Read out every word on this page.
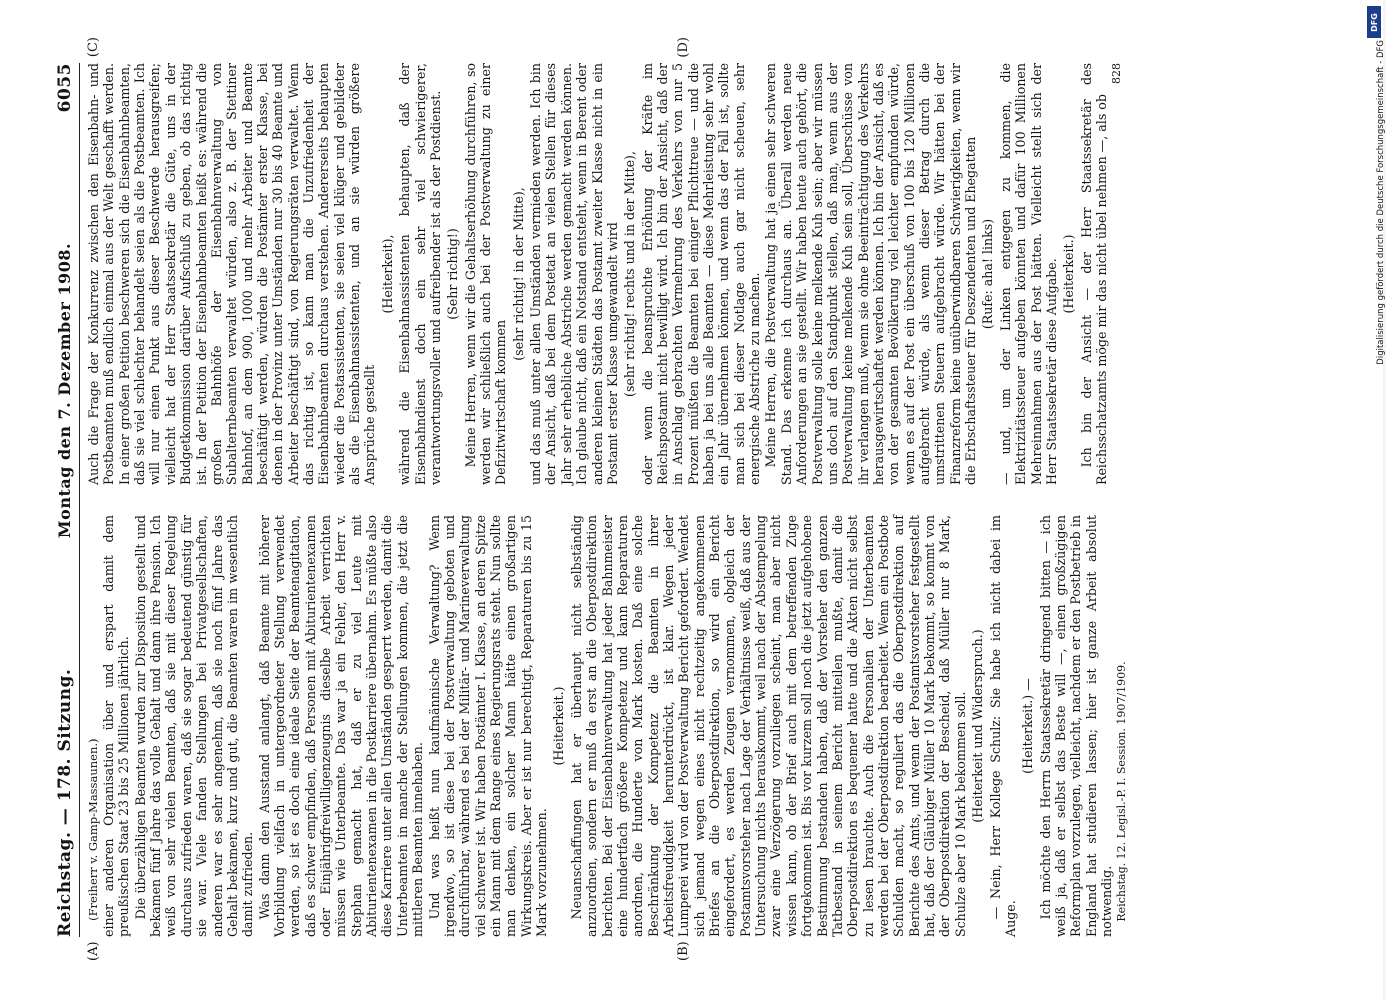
Reichstag. — 178. Sitzung.
Montag den 7. Dezember 1908.
6055
(A)	(B)
(C)	(D)

(Freiherr v. Gamp-Massaunen.) einer anderen Organisation über und erspart damit dem preußischen Staat 23 bis 25 Millionen jährlich. Die überzähligen Beamten wurden zur Disposition gestellt und bekamen fünf Jahre das volle Gehalt und dann ihre Pension. Ich weiß von sehr vielen Beamten, daß sie mit dieser Regelung durchaus zufrieden waren, daß sie sogar bedeutend günstig für sie war. Viele fanden Stellungen bei Privatgesellschaften, anderen war es sehr angenehm, daß sie noch fünf Jahre das Gehalt bekamen, kurz und gut, die Beamten waren im wesentlich damit zufrieden. Was dann den Ausstand anlangt, daß Beamte mit höherer Vorbildung vielfach in untergeordneter Stellung verwendet werden, so ist es doch eine ideale Seite der Beamtenagitation, daß es schwer empfinden, daß Personen mit Abiturientenexamen oder Einjährigfreiwilligenzeugnis dieselbe Arbeit verrichten müssen wie Unterbeamte. Das war ja ein Fehler, den Herr v. Stephan gemacht hat, daß er zu viel Leute mit Abiturientenexamen in die Postkarriere übernahm. Es müßte also diese Karriere unter allen Umständen gesperrt werden, damit die Unterbeamten in manche der Stellungen kommen, die jetzt die mittleren Beamten innehaben. Und was heißt nun kaufmännische Verwaltung? Wenn irgendwo, so ist diese bei der Postverwaltung geboten und durchführbar, während es bei der Militär- und Marineverwaltung viel schwerer ist. Wir haben Postämter I. Klasse, an deren Spitze ein Mann mit dem Range eines Regierungsrats steht. Nun sollte man denken, ein solcher Mann hätte einen großartigen Wirkungskreis. Aber er ist nur berechtigt, Reparaturen bis zu 15 Mark vorzunehmen.

(Heiterkeit.) Neuanschaffungen hat er überhaupt nicht selbständig anzuordnen, sondern er muß da erst an die Oberpostdirektion berichten. Bei der Eisenbahnverwaltung hat jeder Bahnmeister eine hundertfach größere Kompetenz und kann Reparaturen anordnen, die Hunderte von Mark kosten. Daß eine solche Beschränkung der Kompetenz die Beamten in ihrer Arbeitsfreudigkeit herunterdrückt, ist klar. Wegen jeder Lumperei wird von der Postverwaltung Bericht gefordert. Wendet sich jemand wegen eines nicht rechtzeitig angekommenen Briefes an die Oberpostdirektion, so wird ein Bericht eingefordert, es werden Zeugen vernommen, obgleich der Postamtsvorsteher nach Lage der Verhältnisse weiß, daß aus der Untersuchung nichts herauskommt, weil nach der Abstempelung zwar eine Verzögerung vorzuliegen scheint, man aber nicht wissen kann, ob der Brief auch mit dem betreffenden Zuge fortgekommen ist. Bis vor kurzem soll noch die jetzt aufgehobene Bestimmung bestanden haben, daß der Vorsteher den ganzen Tatbestand in seinem Bericht mitteilen mußte, damit die Oberpostdirektion es bequemer hatte und die Akten nicht selbst zu lesen brauchte. Auch die Personalien der Unterbeamten werden bei der Oberpostdirektion bearbeitet. Wenn ein Postbote Schulden macht, so reguliert das die Oberpostdirektion auf Berichte des Amts, und wenn der Postamtsvorsteher festgestellt hat, daß der Gläubiger Müller 10 Mark bekommt, so kommt von der Oberpostdirektion der Bescheid, daß Müller nur 8 Mark, Schulze aber 10 Mark bekommen soll. (Heiterkeit und Widerspruch.) — Nein, Herr Kollege Schulz: Sie habe ich nicht dabei im Auge.

(Heiterkeit.) — Ich möchte den Herrn Staatssekretär dringend bitten — ich weiß ja, daß er selbst das Beste will —, einen großzügigen Reformplan vorzulegen, vielleicht, nachdem er den Postbetrieb in England hat studieren lassen; hier ist ganze Arbeit absolut notwendig. Reichstag. 12. Legisl.-P. I. Session. 1907/1909.

Auch die Frage der Konkurrenz zwischen den Eisenbahn- und Postbeamten muß endlich einmal aus der Welt geschafft werden. In einer großen Petition beschweren sich die Eisenbahnbeamten, daß sie viel schlechter behandelt seien als die Postbeamten. Ich will nur einen Punkt aus dieser Beschwerde herausgreifen; vielleicht hat der Herr Staatssekretär die Güte, uns in der Budgetkommission darüber Aufschluß zu geben, ob das richtig ist. In der Petition der Eisenbahnbeamten heißt es: während die großen Bahnhöfe der Eisenbahnverwaltung von Subalternbeamten verwaltet würden, also z. B. der Stettiner Bahnhof, an dem 900, 1000 und mehr Arbeiter und Beamte beschäftigt werden, würden die Postämter erster Klasse, bei denen in der Provinz unter Umständen nur 30 bis 40 Beamte und Arbeiter beschäftigt sind, von Regierungsräten verwaltet. Wenn das richtig ist, so kann man die Unzufriedenheit der Eisenbahnbeamten durchaus verstehen. Andererseits behaupten wieder die Postassistenten, sie seien viel klüger und gebildeter als die Eisenbahnassistenten, und an sie würden größere Ansprüche gestellt

(Heiterkeit), während die Eisenbahnassistenten behaupten, daß der Eisenbahndienst doch ein sehr viel schwierigerer, verantwortungsvoller und aufreibender ist als der Postdienst. (Sehr richtig!) Meine Herren, wenn wir die Gehaltserhöhung durchführen, so werden wir schließlich auch bei der Postverwaltung zu einer Defizitwirtschaft kommen

(sehr richtig! in der Mitte), und das muß unter allen Umständen vermieden werden. Ich bin der Ansicht, daß bei dem Postetat an vielen Stellen für dieses Jahr sehr erhebliche Abstriche werden gemacht werden können. Ich glaube nicht, daß ein Notstand entsteht, wenn in Berent oder anderen kleinen Städten das Postamt zweiter Klasse nicht in ein Postamt erster Klasse umgewandelt wird (sehr richtig! rechts und in der Mitte), oder wenn die beanspruchte Erhöhung der Kräfte im Reichspostamt nicht bewilligt wird. Ich bin der Ansicht, daß der in Anschlag gebrachten Vermehrung des Verkehrs von nur 5 Prozent müßten die Beamten bei einiger Pflichttreue — und die haben ja bei uns alle Beamten — diese Mehrleistung sehr wohl ein Jahr übernehmen können, und wenn das der Fall ist, sollte man sich bei dieser Notlage auch gar nicht scheuen, sehr energische Abstriche zu machen. Meine Herren, die Postverwaltung hat ja einen sehr schweren Stand. Das erkenne ich durchaus an. Überall werden neue Anforderungen an sie gestellt. Wir haben heute auch gehört, die Postverwaltung solle keine melkende Kuh sein; aber wir müssen uns doch auf den Standpunkt stellen, daß man, wenn aus der Postverwaltung keine melkende Kuh sein soll, Überschüsse von ihr verlangen muß, wenn sie ohne Beeinträchtigung des Verkehrs herausgewirtschaftet werden können. Ich bin der Ansicht, daß es von der gesamten Bevölkerung viel leichter empfunden würde, wenn es auf der Post ein überschuß von 100 bis 120 Millionen aufgebracht würde, als wenn dieser Betrag durch die umstrittenen Steuern aufgebracht würde. Wir hätten bei der Finanzreform keine unüberwindbaren Schwierigkeiten, wenn wir die Erbschaftssteuer für Deszendenten und Ehegatten (Rufe: aha! links) — und, um der Linken entgegen zu kommen, die Elektrizitätssteuer aufgeben könnten und dafür 100 Millionen Mehreinnahmen aus der Post hätten. Vielleicht stellt sich der Herr Staatssekretär diese Aufgabe. (Heiterkeit.) Ich bin der Ansicht — der Herr Staatssekretär des Reichsschatzamts möge mir das nicht übel nehmen —, als ob

828

DFG
Digitalisierung gefördert durch die Deutsche Forschungsgemeinschaft - DFG
